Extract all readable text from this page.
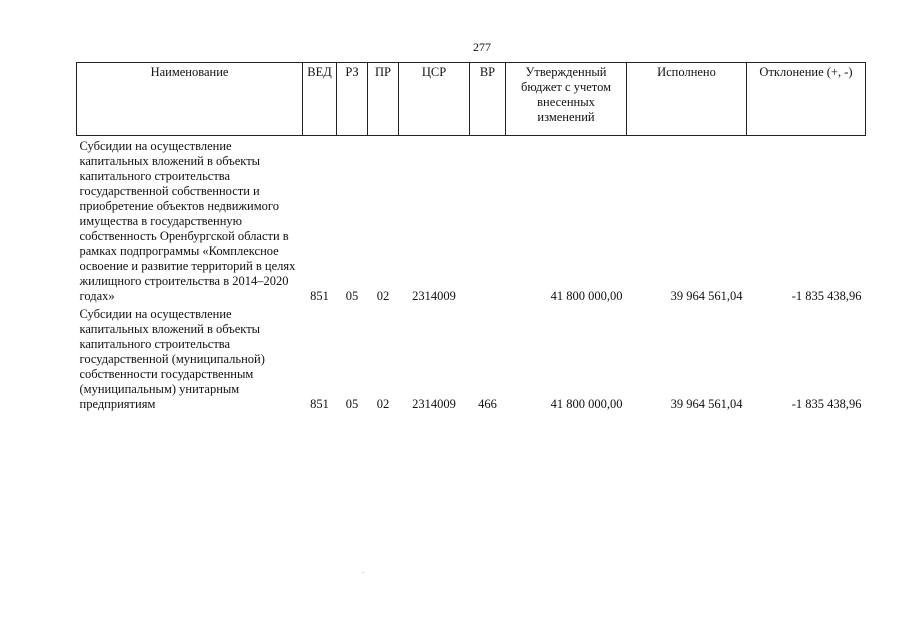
277
Наименование	ВЕД	РЗ	ПР	ЦСР	ВР	Утвержденный бюджет с учетом внесенных изменений	Исполнено	Отклонение (+, -)

Субсидии на осуществление капитальных вложений в объекты капитального строительства государственной собственности и приобретение объектов недвижимого имущества в государственную собственность Оренбургской области в рамках подпрограммы «Комплексное освоение и развитие территорий в целях жилищного строительства в 2014–2020 годах»	851	05	02	2314009		41 800 000,00	39 964 561,04	-1 835 438,96

Субсидии на осуществление капитальных вложений в объекты капитального строительства государственной (муниципальной) собственности государственным (муниципальным) унитарным предприятиям	851	05	02	2314009	466	41 800 000,00	39 964 561,04	-1 835 438,96
